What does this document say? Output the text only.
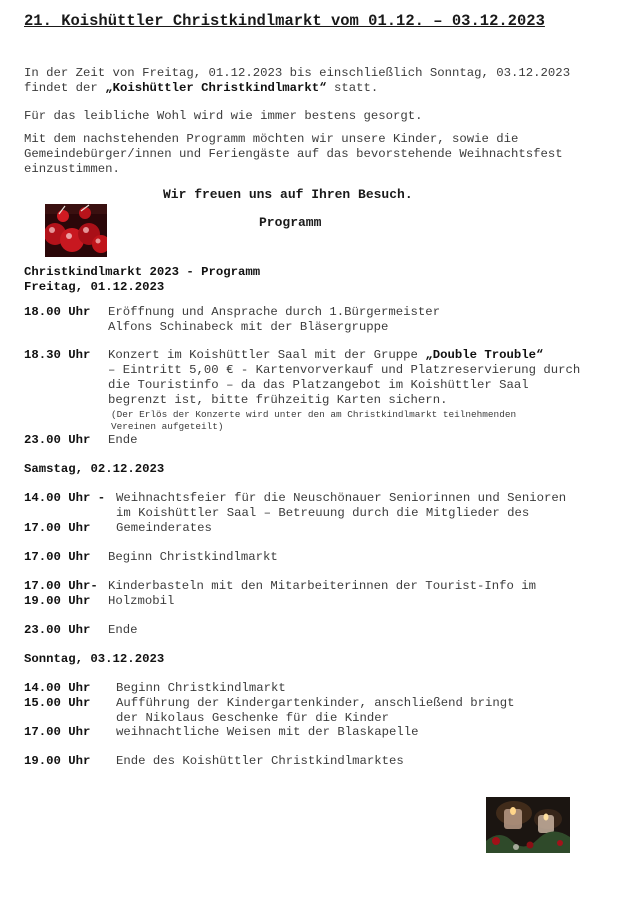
21. Koishüttler Christkindlmarkt vom 01.12. – 03.12.2023
In der Zeit von Freitag, 01.12.2023 bis einschließlich Sonntag, 03.12.2023
findet der „Koishüttler Christkindlmarkt“ statt.
Für das leibliche Wohl wird wie immer bestens gesorgt.
Mit dem nachstehenden Programm möchten wir unsere Kinder, sowie die
Gemeindebürger/innen und Feriengäste auf das bevorstehende Weihnachtsfest
einzustimmen.
Wir freuen uns auf Ihren Besuch.
Programm
Christkindlmarkt 2023 - Programm
Freitag, 01.12.2023
18.00 Uhr Eröffnung und Ansprache durch 1.Bürgermeister
Alfons Schinabeck mit der Bläsergruppe
18.30 Uhr Konzert im Koishüttler Saal mit der Gruppe „Double Trouble“
– Eintritt 5,00 € - Kartenvorverkauf und Platzreservierung durch
die Touristinfo – da das Platzangebot im Koishüttler Saal
begrenzt ist, bitte frühzeitig Karten sichern.
(Der Erlös der Konzerte wird unter den am Christkindlmarkt teilnehmenden
Vereinen aufgeteilt)
23.00 Uhr Ende
Samstag, 02.12.2023
14.00 Uhr - Weihnachtsfeier für die Neuschönauer Seniorinnen und Senioren
im Koishüttler Saal – Betreuung durch die Mitglieder des
17.00 Uhr Gemeinderates
17.00 Uhr Beginn Christkindlmarkt
17.00 Uhr- Kinderbasteln mit den Mitarbeiterinnen der Tourist-Info im
19.00 Uhr Holzmobil
23.00 Uhr Ende
Sonntag, 03.12.2023
14.00 Uhr Beginn Christkindlmarkt
15.00 Uhr Aufführung der Kindergartenkinder, anschließend bringt
der Nikolaus Geschenke für die Kinder
17.00 Uhr weihnachtliche Weisen mit der Blaskapelle
19.00 Uhr Ende des Koishüttler Christkindlmarktes
